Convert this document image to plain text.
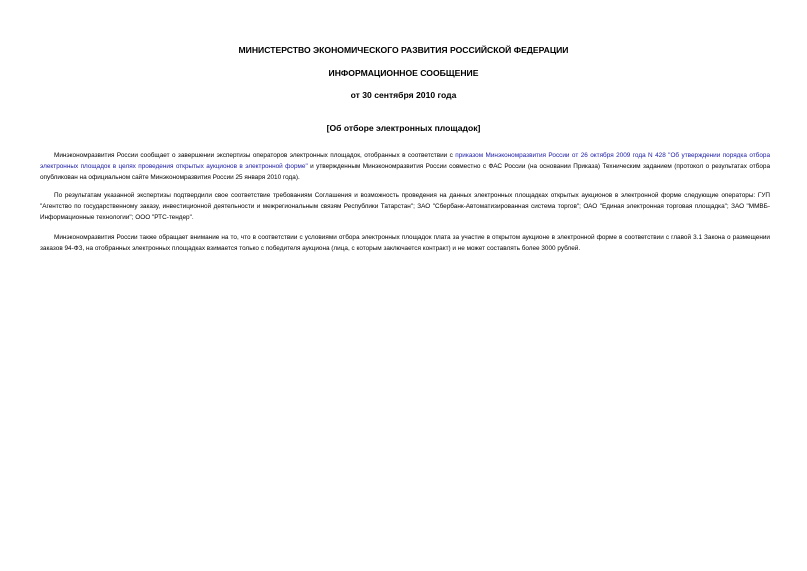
МИНИСТЕРСТВО ЭКОНОМИЧЕСКОГО РАЗВИТИЯ РОССИЙСКОЙ ФЕДЕРАЦИИ
ИНФОРМАЦИОННОЕ СООБЩЕНИЕ
от 30 сентября 2010 года
[Об отборе электронных площадок]

Минэкономразвития России сообщает о завершении экспертизы операторов электронных площадок, отобранных в соответствии с приказом Минэкономразвития России от 26 октября 2009 года N 428 "Об утверждении порядка отбора электронных площадок в целях проведения открытых аукционов в электронной форме" и утвержденным Минэкономразвития России совместно с ФАС России (на основании Приказа) Техническим заданием (протокол о результатах отбора опубликован на официальном сайте Минэкономразвития России 25 января 2010 года).

По результатам указанной экспертизы подтвердили свое соответствие требованиям Соглашения и возможность проведения на данных электронных площадках открытых аукционов в электронной форме следующие операторы: ГУП "Агентство по государственному заказу, инвестиционной деятельности и межрегиональным связям Республики Татарстан"; ЗАО "Сбербанк-Автоматизированная система торгов"; ОАО "Единая электронная торговая площадка"; ЗАО "ММВБ-Информационные технологии"; ООО "РТС-тендер".

Минэкономразвития России также обращает внимание на то, что в соответствии с условиями отбора электронных площадок плата за участие в открытом аукционе в электронной форме в соответствии с главой 3.1 Закона о размещении заказов 94-ФЗ, на отобранных электронных площадках взимается только с победителя аукциона (лица, с которым заключается контракт) и не может составлять более 3000 рублей.
